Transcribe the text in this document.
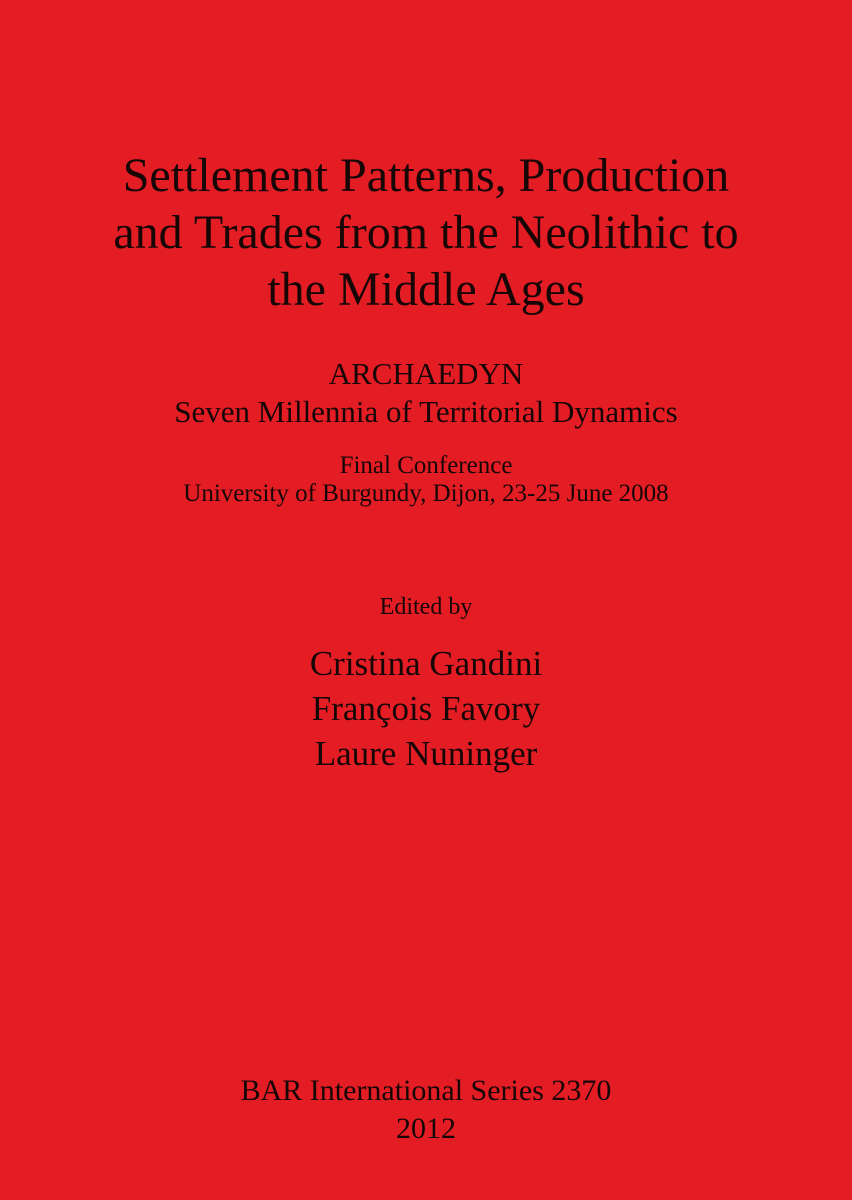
Settlement Patterns, Production
and Trades from the Neolithic to
the Middle Ages
ARCHAEDYN
Seven Millennia of Territorial Dynamics
Final Conference
University of Burgundy, Dijon, 23-25 June 2008
Edited by
Cristina Gandini
François Favory
Laure Nuninger
BAR International Series 2370
2012
